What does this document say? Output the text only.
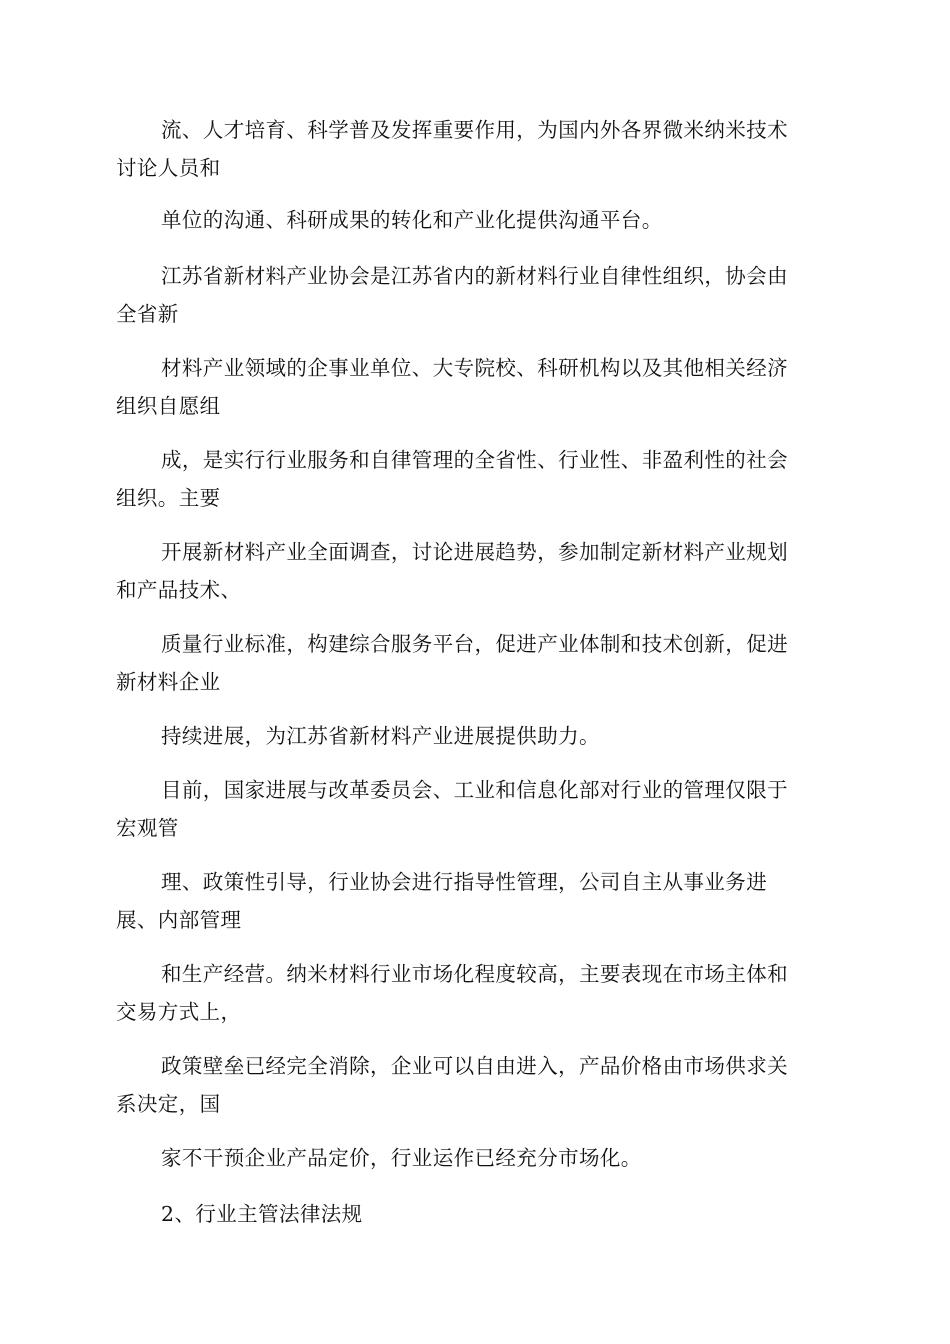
流、人才培育、科学普及发挥重要作用，为国内外各界微米纳米技术
讨论人员和

单位的沟通、科研成果的转化和产业化提供沟通平台。

江苏省新材料产业协会是江苏省内的新材料行业自律性组织，协会由
全省新

材料产业领域的企事业单位、大专院校、科研机构以及其他相关经济
组织自愿组

成，是实行行业服务和自律管理的全省性、行业性、非盈利性的社会
组织。主要

开展新材料产业全面调查，讨论进展趋势，参加制定新材料产业规划
和产品技术、

质量行业标准，构建综合服务平台，促进产业体制和技术创新，促进
新材料企业

持续进展，为江苏省新材料产业进展提供助力。

目前，国家进展与改革委员会、工业和信息化部对行业的管理仅限于
宏观管

理、政策性引导，行业协会进行指导性管理，公司自主从事业务进
展、内部管理

和生产经营。纳米材料行业市场化程度较高，主要表现在市场主体和
交易方式上，

政策壁垒已经完全消除，企业可以自由进入，产品价格由市场供求关
系决定，国

家不干预企业产品定价，行业运作已经充分市场化。

2、行业主管法律法规
